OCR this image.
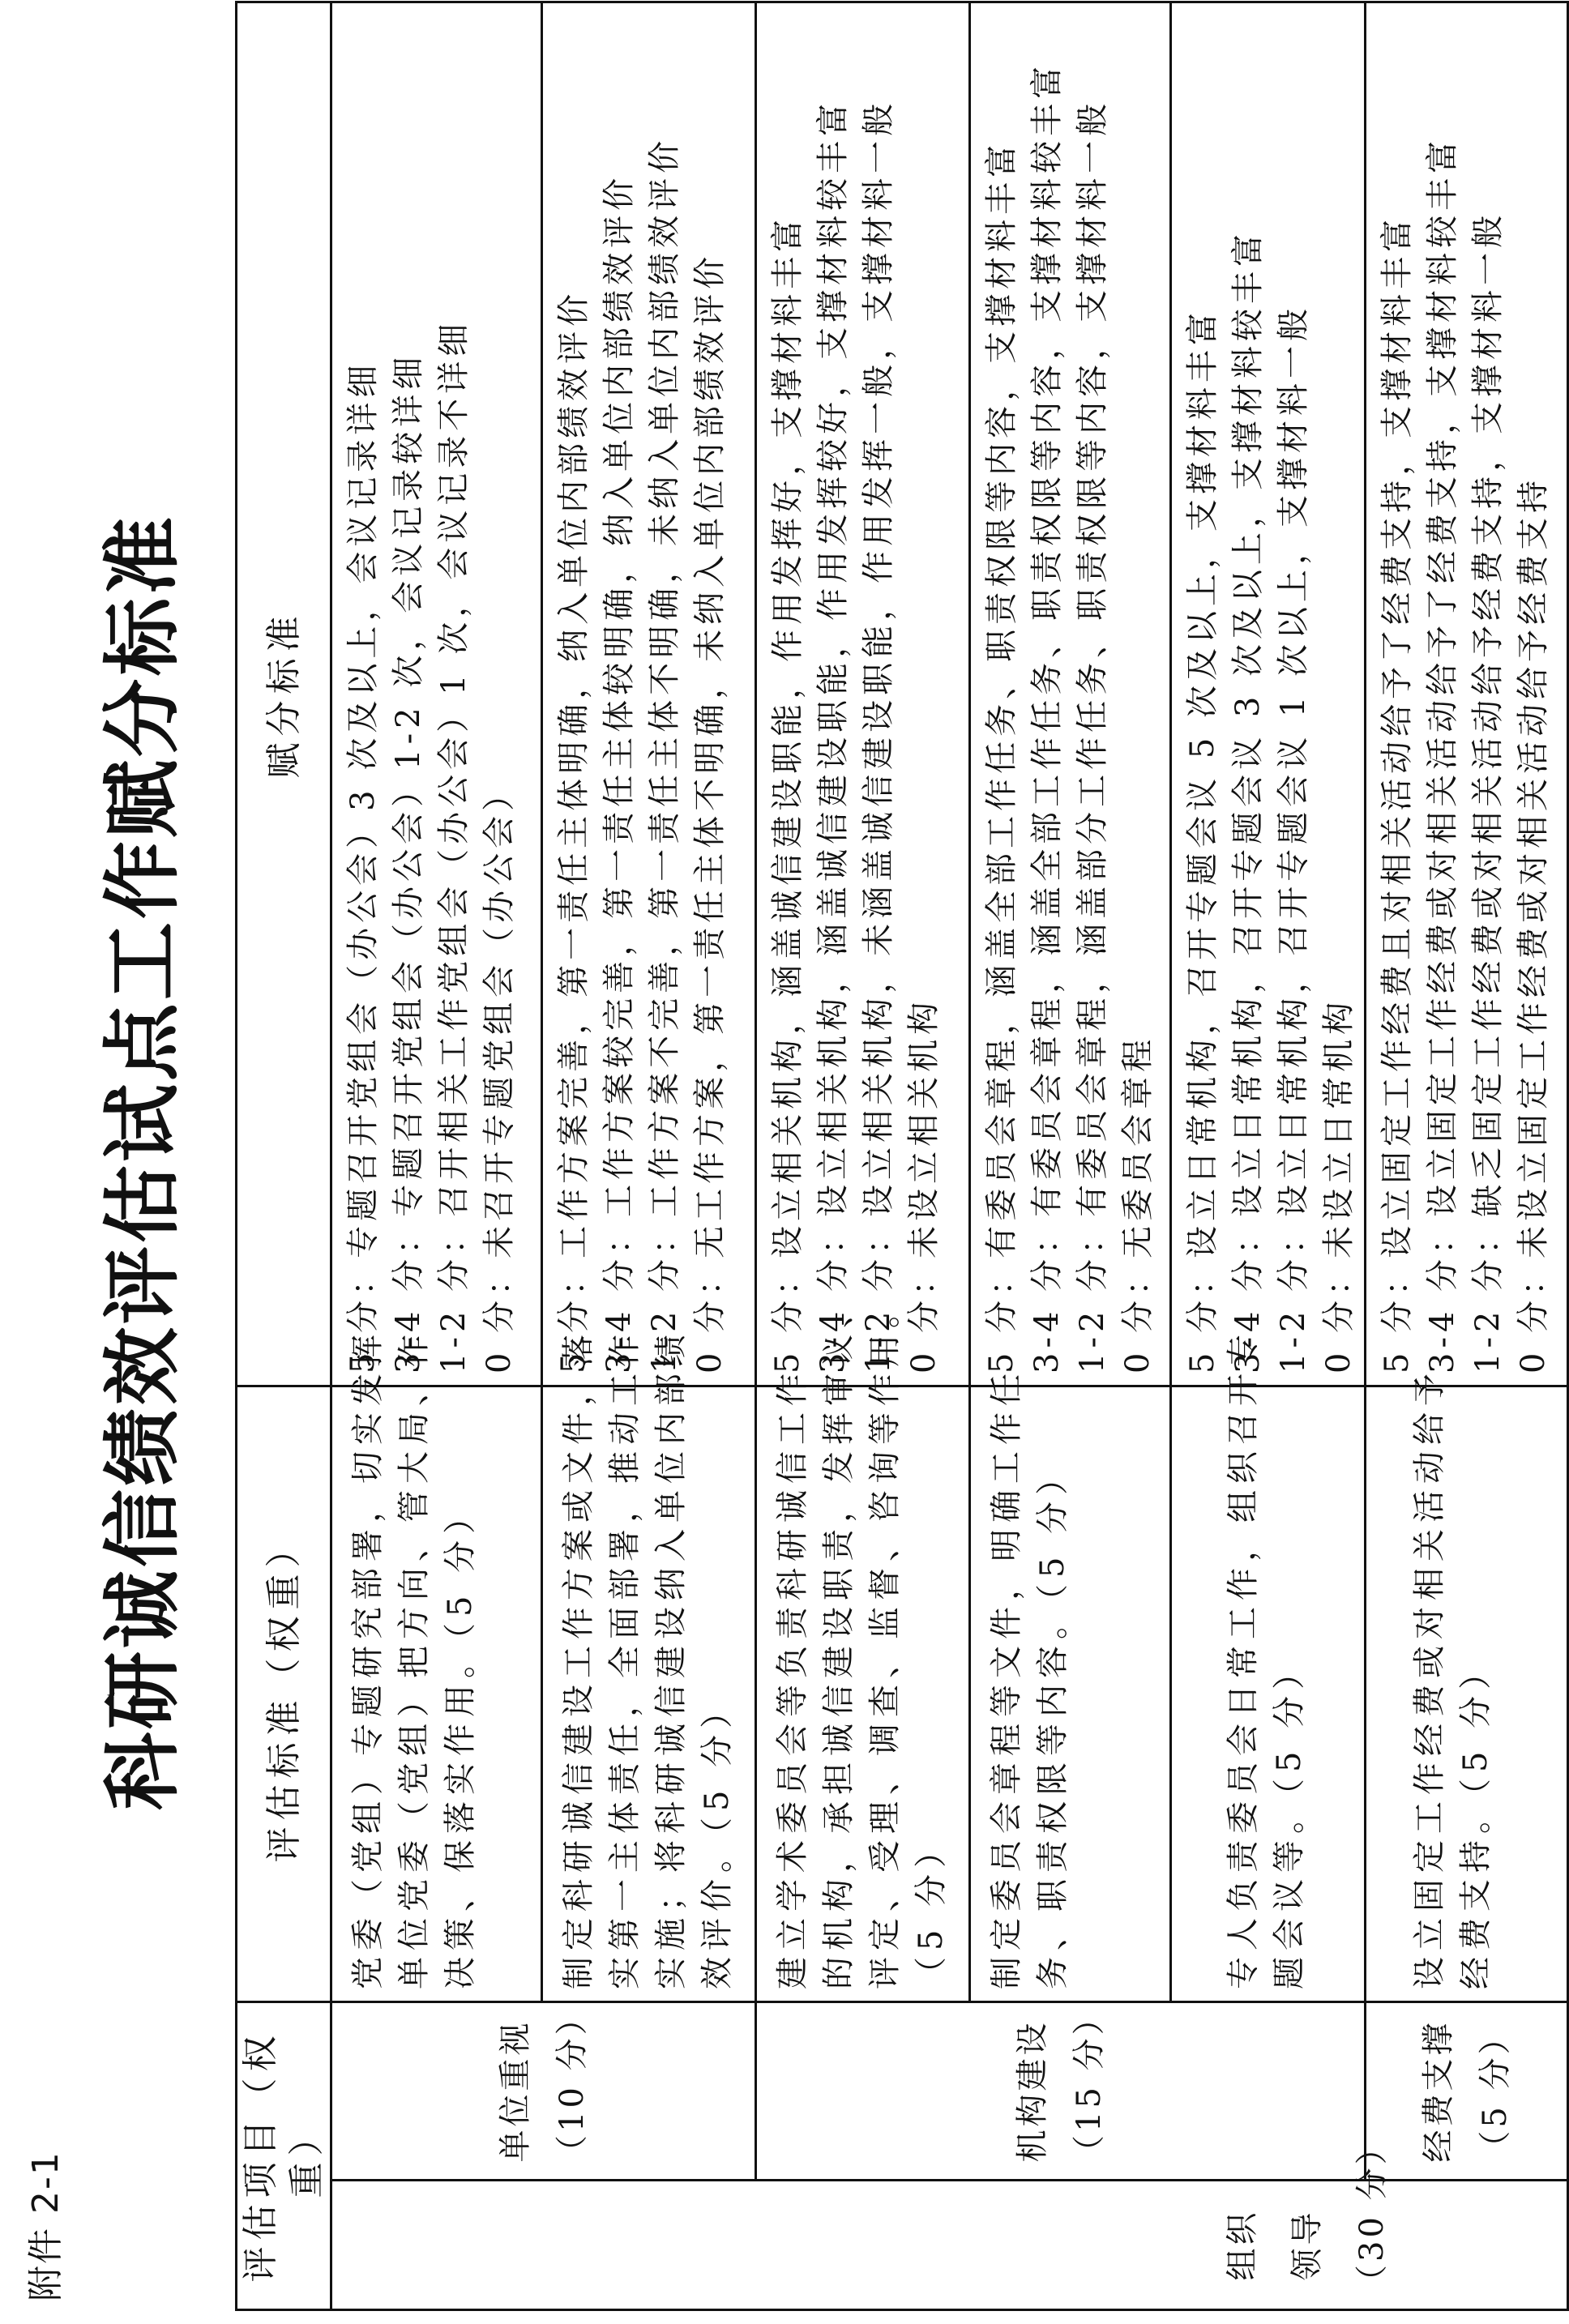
附件 2-1
科研诚信绩效评估试点工作赋分标准
评估项目（权重）		评估标准（权重）	赋分标准

组织 领导 （30 分）	单位重视 （10 分）	党委（党组）专题研究部署，切实发挥 单位党委（党组）把方向、管大局、作 决策、保落实作用。（5 分）	5 分：专题召开党组会（办公会）3 次及以上，会议记录详细 3-4 分：专题召开党组会（办公会）1-2 次，会议记录较详细 1-2 分：召开相关工作党组会（办公会）1 次，会议记录不详细 0 分：未召开专题党组会（办公会）

		制定科研诚信建设工作方案或文件，落 实第一主体责任，全面部署，推动工作 实施；将科研诚信建设纳入单位内部绩 效评价。（5 分）	5 分：工作方案完善，第一责任主体明确，纳入单位内部绩效评价 3-4 分：工作方案较完善，第一责任主体较明确，纳入单位内部绩效评价 1-2 分：工作方案不完善，第一责任主体不明确，未纳入单位内部绩效评价 0 分：无工作方案，第一责任主体不明确，未纳入单位内部绩效评价

	机构建设 （15 分）	建立学术委员会等负责科研诚信工作 的机构，承担诚信建设职责，发挥审议、 评定、受理、调查、监督、咨询等作用。 （5 分）	5 分：设立相关机构，涵盖诚信建设职能，作用发挥好，支撑材料丰富 3-4 分：设立相关机构，涵盖诚信建设职能，作用发挥较好，支撑材料较丰富 1-2 分：设立相关机构，未涵盖诚信建设职能，作用发挥一般，支撑材料一般 0 分：未设立相关机构

		制定委员会章程等文件，明确工作任 务、职责权限等内容。（5 分）	5 分：有委员会章程，涵盖全部工作任务、职责权限等内容，支撑材料丰富 3-4 分：有委员会章程，涵盖全部工作任务、职责权限等内容，支撑材料较丰富 1-2 分：有委员会章程，涵盖部分工作任务、职责权限等内容，支撑材料一般 0 分：无委员会章程

		专人负责委员会日常工作，组织召开专 题会议等。（5 分）	5 分：设立日常机构，召开专题会议 5 次及以上，支撑材料丰富 3-4 分：设立日常机构，召开专题会议 3 次及以上，支撑材料较丰富 1-2 分：设立日常机构，召开专题会议 1 次以上，支撑材料一般 0 分：未设立日常机构

	经费支撑 （5 分）	设立固定工作经费或对相关活动给予 经费支持。（5 分）	5 分：设立固定工作经费且对相关活动给予了经费支持，支撑材料丰富 3-4 分：设立固定工作经费或对相关活动给予了经费支持，支撑材料较丰富 1-2 分：缺乏固定工作经费或对相关活动给予经费支持，支撑材料一般 0 分：未设立固定工作经费或对相关活动给予经费支持
